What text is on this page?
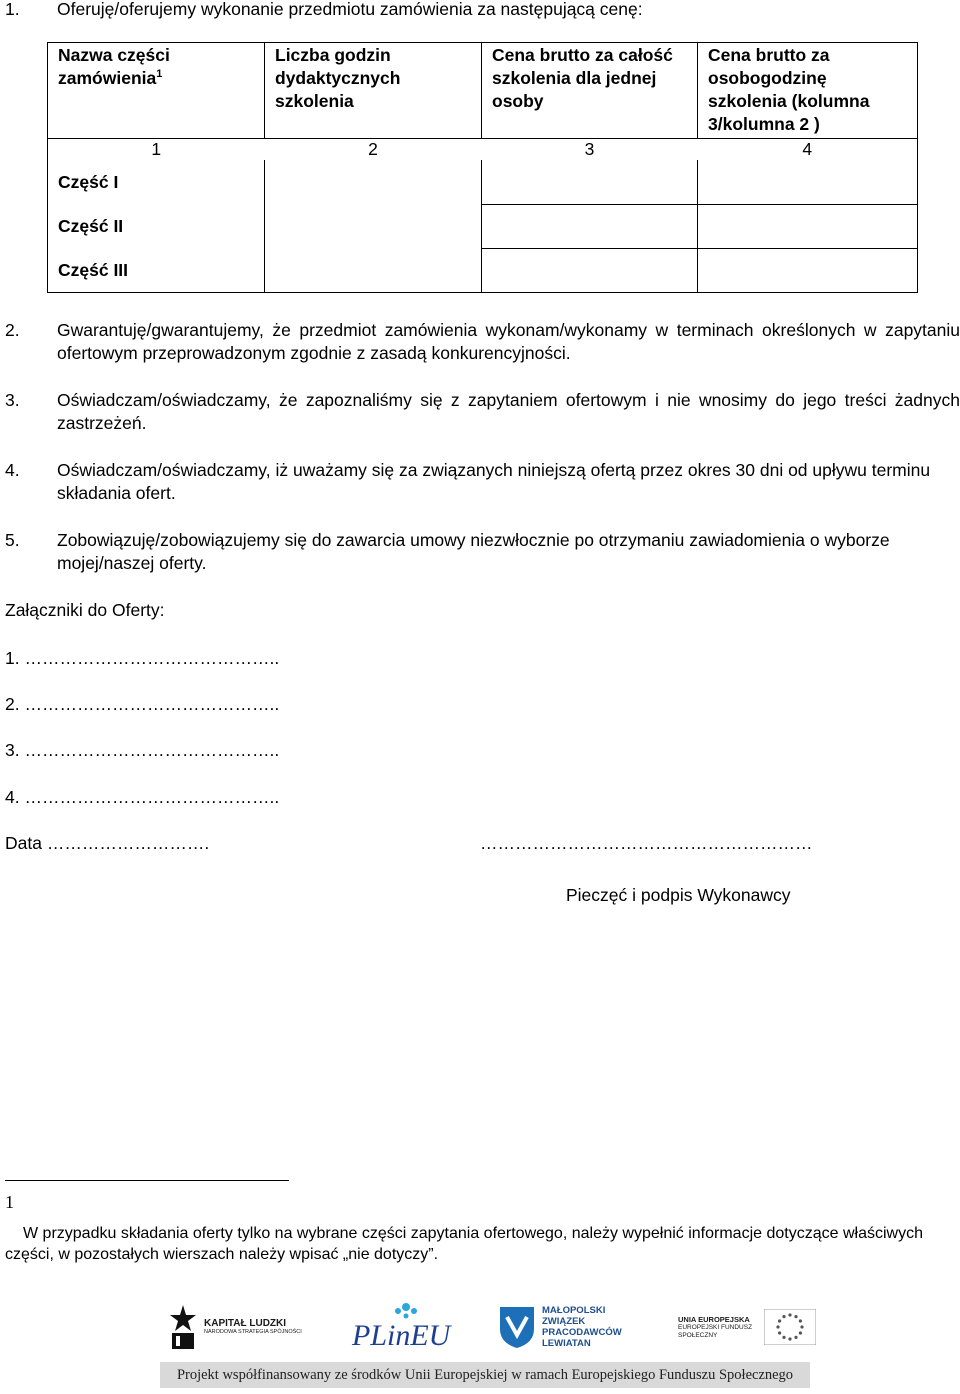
1. Oferuję/oferujemy wykonanie przedmiotu zamówienia za następującą cenę:
Nazwa części zamówienia$^1$	Liczba godzin dydaktycznych szkolenia	Cena brutto za całość szkolenia dla jednej osoby	Cena brutto za osobogodzinę szkolenia (kolumna 3/kolumna 2 )
1	2	3	4
Część I			
Część II			
Część III			
2. Gwarantuję/gwarantujemy, że przedmiot zamówienia wykonam/wykonamy w terminach określonych w zapytaniu ofertowym przeprowadzonym zgodnie z zasadą konkurencyjności.
3. Oświadczam/oświadczamy, że zapoznaliśmy się z zapytaniem ofertowym i nie wnosimy do jego treści żadnych zastrzeżeń.
4. Oświadczam/oświadczamy, iż uważamy się za związanych niniejszą ofertą przez okres 30 dni od upływu terminu składania ofert.
5. Zobowiązuję/zobowiązujemy się do zawarcia umowy niezwłocznie po otrzymaniu zawiadomienia o wyborze mojej/naszej oferty.
Załączniki do Oferty:
1. ……………………………………..
2. ……………………………………..
3. ……………………………………..
4. ……………………………………..
Data ……………………….	…………………………………………………
Pieczęć i podpis Wykonawcy
1
W przypadku składania oferty tylko na wybrane części zapytania ofertowego, należy wypełnić informacje dotyczące właściwych części, w pozostałych wierszach należy wpisać „nie dotyczy”.
KAPITAŁ LUDZKI
NARODOWA STRATEGIA SPÓJNOŚCI PLinEU
MAŁOPOLSKI ZWIĄZEK PRACODAWCÓW LEWIATAN
UNIA EUROPEJSKA
EUROPEJSKI FUNDUSZ SPOŁECZNY
Projekt współfinansowany ze środków Unii Europejskiej w ramach Europejskiego Funduszu Społecznego
